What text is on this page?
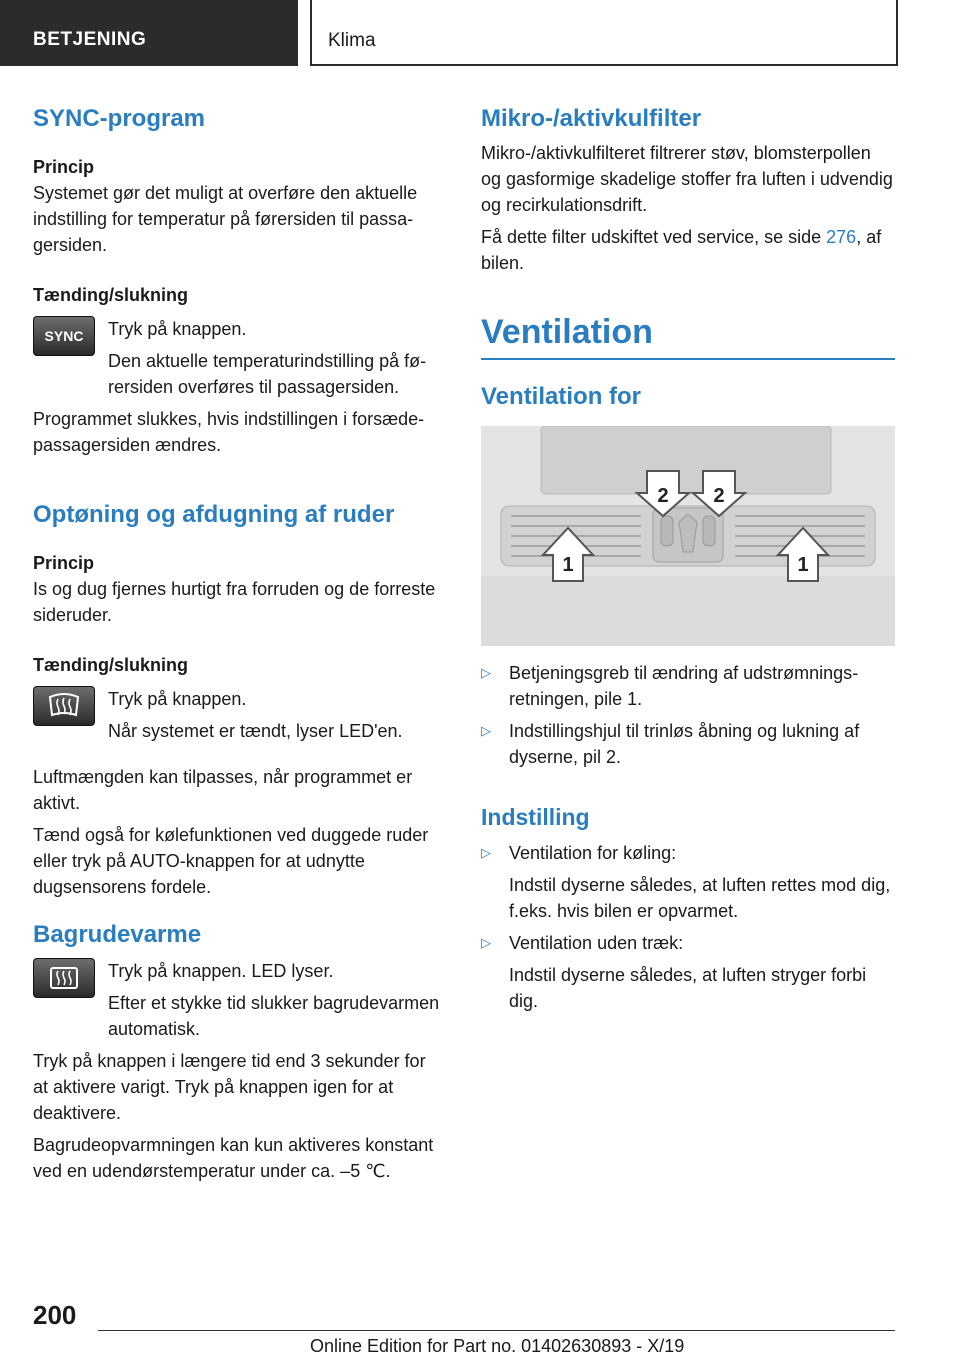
BETJENING	Klima

SYNC-program

Princip

Systemet gør det muligt at overføre den aktuelle indstilling for temperatur på førersiden til passagersiden.

Tænding/slukning

SYNC	Tryk på knappen.

Den aktuelle temperaturindstilling på førersiden overføres til passagersiden.

Programmet slukkes, hvis indstillingen i forsæde-passagersiden ændres.

Optøning og afdugning af ruder

Princip

Is og dug fjernes hurtigt fra forruden og de forreste sideruder.

Tænding/slukning

Tryk på knappen.

Når systemet er tændt, lyser LED'en.

Luftmængden kan tilpasses, når programmet er aktivt.

Tænd også for kølefunktionen ved duggede ruder eller tryk på AUTO-knappen for at udnytte dugsensorens fordele.

Bagrudevarme

Tryk på knappen. LED lyser.

Efter et stykke tid slukker bagrudevarmen automatisk.

Tryk på knappen i længere tid end 3 sekunder for at aktivere varigt. Tryk på knappen igen for at deaktivere.

Bagrudeopvarmningen kan kun aktiveres konstant ved en udendørstemperatur under ca. –5 ℃.

Mikro-/aktivkulfilter

Mikro-/aktivkulfilteret filtrerer støv, blomsterpollen og gasformige skadelige stoffer fra luften i udvendig og recirkulationsdrift.

Få dette filter udskiftet ved service, se side 276, af bilen.

Ventilation

Ventilation for

2 2
1	1
▷ Betjeningsgreb til ændring af udstrømningsretningen, pile 1.
▷ Indstillingshjul til trinløs åbning og lukning af dyserne, pil 2.

Indstilling

▷ Ventilation for køling:
Indstil dyserne således, at luften rettes mod dig, f.eks. hvis bilen er opvarmet.
▷ Ventilation uden træk:
Indstil dyserne således, at luften stryger forbi dig.
200
Online Edition for Part no. 01402630893 - X/19
